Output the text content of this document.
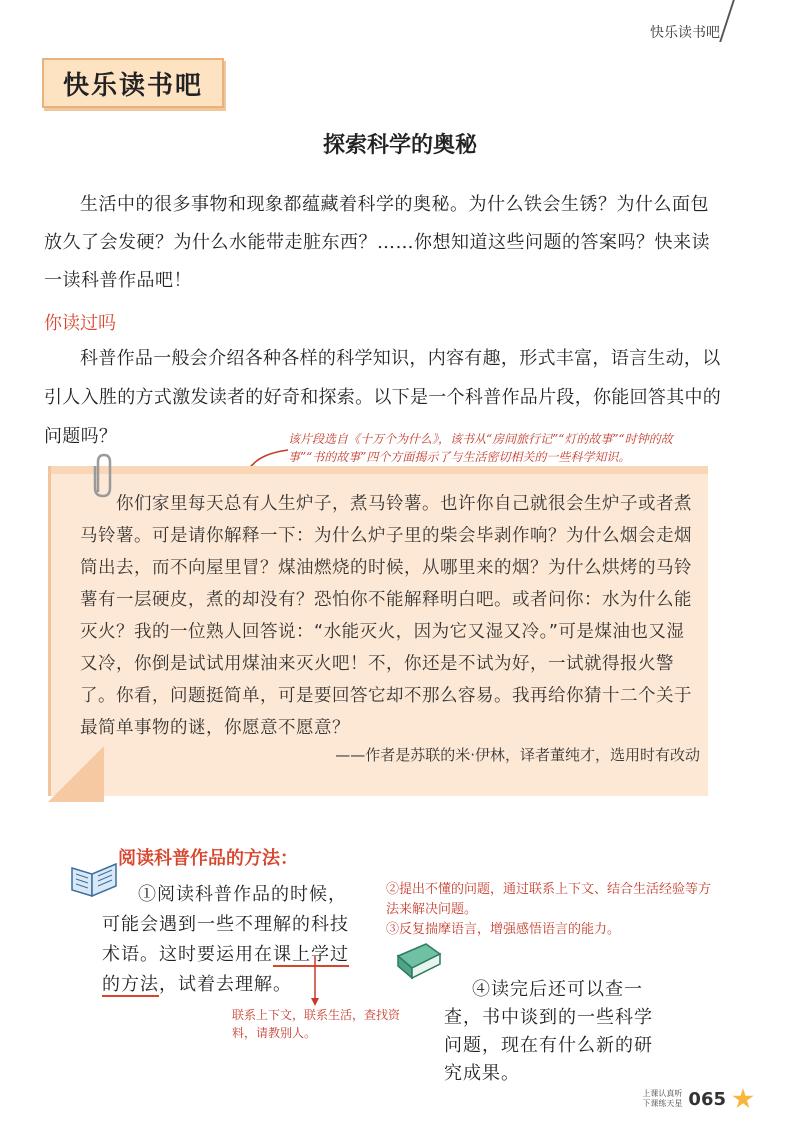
快乐读书吧
快乐读书吧
探索科学的奥秘

生活中的很多事物和现象都蕴藏着科学的奥秘。为什么铁会生锈？为什么面包放久了会发硬？为什么水能带走脏东西？……你想知道这些问题的答案吗？快来读一读科普作品吧！

你读过吗

科普作品一般会介绍各种各样的科学知识，内容有趣，形式丰富，语言生动，以引人入胜的方式激发读者的好奇和探索。以下是一个科普作品片段，你能回答其中的问题吗？	该片段选自《十万个为什么》，该书从“房间旅行记”“灯的故事”“时钟的故事”“书的故事”四个方面揭示了与生活密切相关的一些科学知识。

你们家里每天总有人生炉子，煮马铃薯。也许你自己就很会生炉子或者煮马铃薯。可是请你解释一下：为什么炉子里的柴会毕剥作响？为什么烟会走烟筒出去，而不向屋里冒？煤油燃烧的时候，从哪里来的烟？为什么烘烤的马铃薯有一层硬皮，煮的却没有？恐怕你不能解释明白吧。或者问你：水为什么能灭火？我的一位熟人回答说：“水能灭火，因为它又湿又冷。”可是煤油也又湿又冷，你倒是试试用煤油来灭火吧！不，你还是不试为好，一试就得报火警了。你看，问题挺简单，可是要回答它却不那么容易。我再给你猜十二个关于最简单事物的谜，你愿意不愿意？

——作者是苏联的米·伊林，译者董纯才，选用时有改动
阅读科普作品的方法：

①阅读科普作品的时候，可能会遇到一些不理解的科技术语。这时要运用在课上学过的方法，试着去理解。

联系上下文，联系生活，查找资料，请教别人。
②提出不懂的问题，通过联系上下文、结合生活经验等方法来解决问题。
③反复揣摩语言，增强感悟语言的能力。

④读完后还可以查一查，书中谈到的一些科学问题，现在有什么新的研究成果。

上课认真听
下课练天星 065
